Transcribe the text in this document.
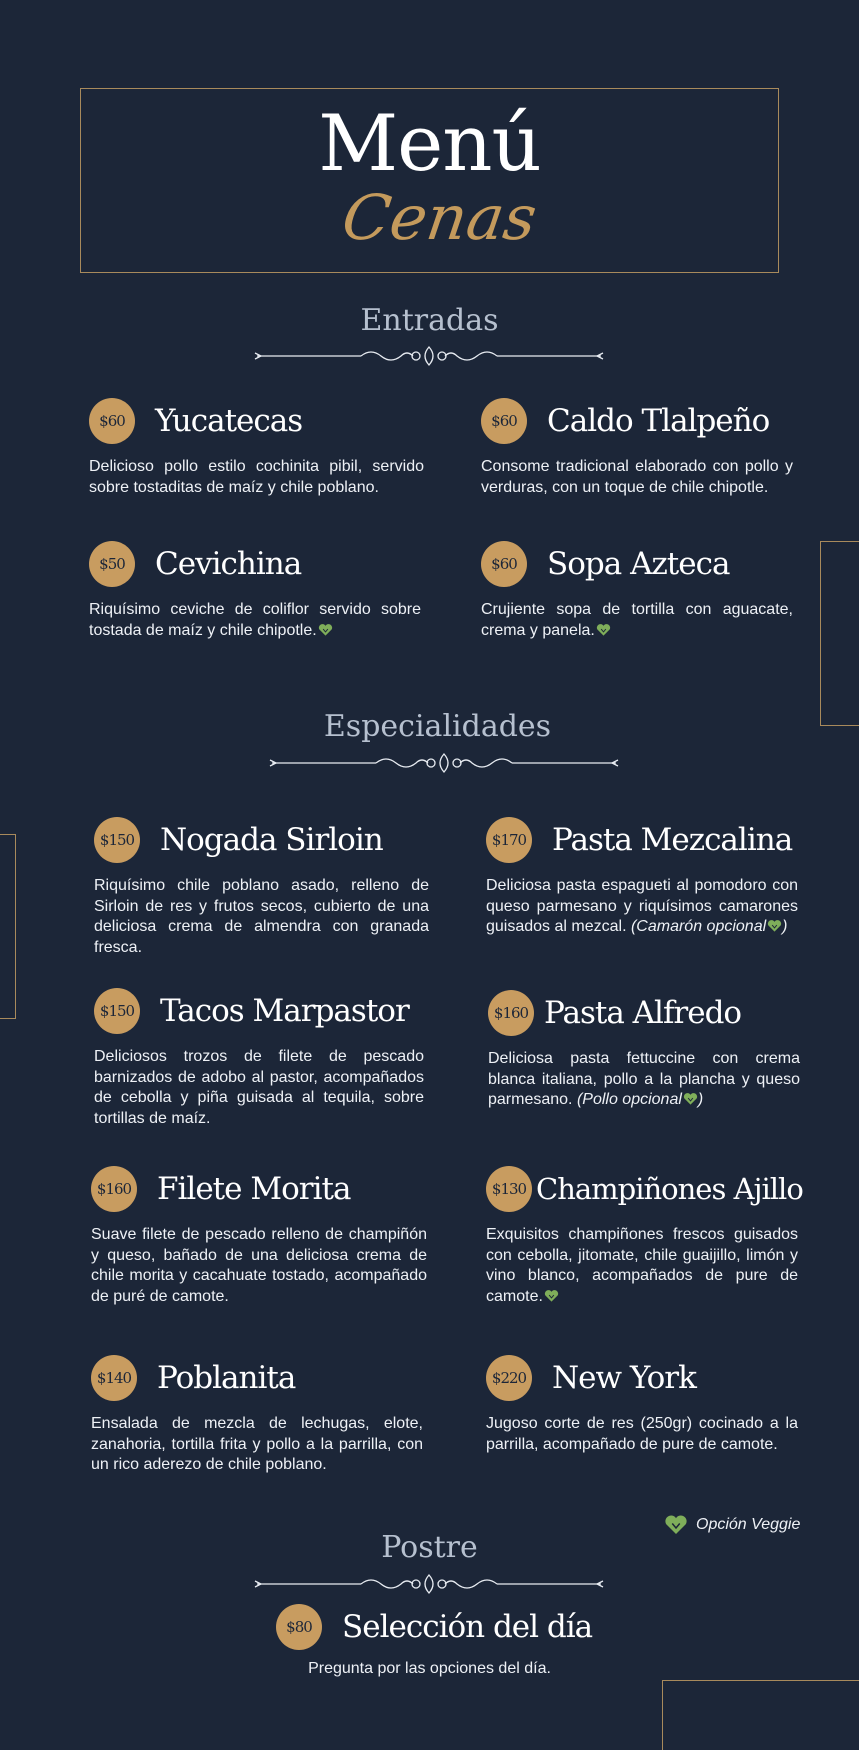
Menú
Cenas
Entradas
$60 Yucatecas
Delicioso pollo estilo cochinita pibil, servido sobre tostaditas de maíz y chile poblano.
$60 Caldo Tlalpeño
Consome tradicional elaborado con pollo y verduras, con un toque de chile chipotle.
$50 Cevichina
Riquísimo ceviche de coliflor servido sobre tostada de maíz y chile chipotle.
$60 Sopa Azteca
Crujiente sopa de tortilla con aguacate, crema y panela.
Especialidades
$150 Nogada Sirloin
Riquísimo chile poblano asado, relleno de Sirloin de res y frutos secos, cubierto de una deliciosa crema de almendra con granada fresca.
$170 Pasta Mezcalina
Deliciosa pasta espagueti al pomodoro con queso parmesano y riquísimos camarones guisados al mezcal. (Camarón opcional )
$150 Tacos Marpastor
Deliciosos trozos de filete de pescado barnizados de adobo al pastor, acompañados de cebolla y piña guisada al tequila, sobre tortillas de maíz.
$160 Pasta Alfredo
Deliciosa pasta fettuccine con crema blanca italiana, pollo a la plancha y queso parmesano. (Pollo opcional )
$160 Filete Morita
Suave filete de pescado relleno de champiñón y queso, bañado de una deliciosa crema de chile morita y cacahuate tostado, acompañado de puré de camote.
$130 Champiñones Ajillo
Exquisitos champiñones frescos guisados con cebolla, jitomate, chile guaijillo, limón y vino blanco, acompañados de pure de camote.
$140 Poblanita
Ensalada de mezcla de lechugas, elote, zanahoria, tortilla frita y pollo a la parrilla, con un rico aderezo de chile poblano.
$220 New York
Jugoso corte de res (250gr) cocinado a la parrilla, acompañado de pure de camote.
Opción Veggie
Postre
$80 Selección del día
Pregunta por las opciones del día.
